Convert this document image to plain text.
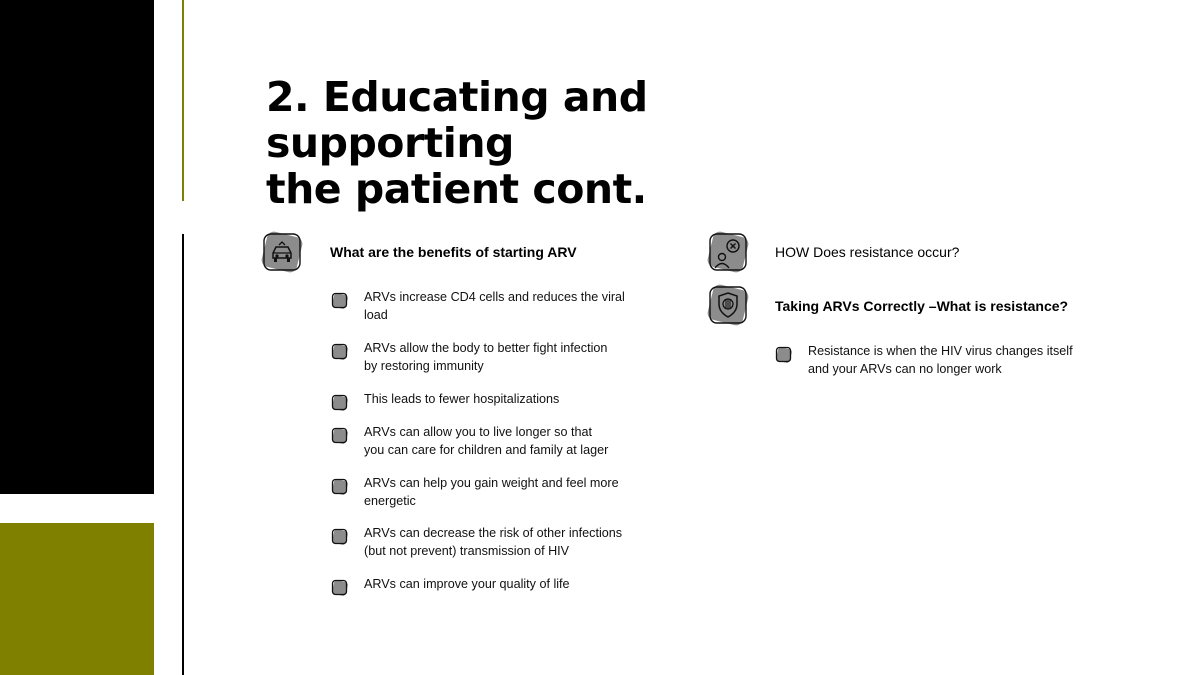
2. Educating and supporting
the patient cont.
What are the benefits of starting ARV
ARVs increase CD4 cells and reduces the viral
load
ARVs allow the body to better fight infection
by restoring immunity
This leads to fewer hospitalizations
ARVs can allow you to live longer so that
you can care for children and family at lager
ARVs can help you gain weight and feel more
energetic
ARVs can decrease the risk of other infections
(but not prevent) transmission of HIV
ARVs can improve your quality of life
HOW Does resistance occur?
Taking ARVs Correctly –What is resistance?
Resistance is when the HIV virus changes itself
and your ARVs can no longer work
